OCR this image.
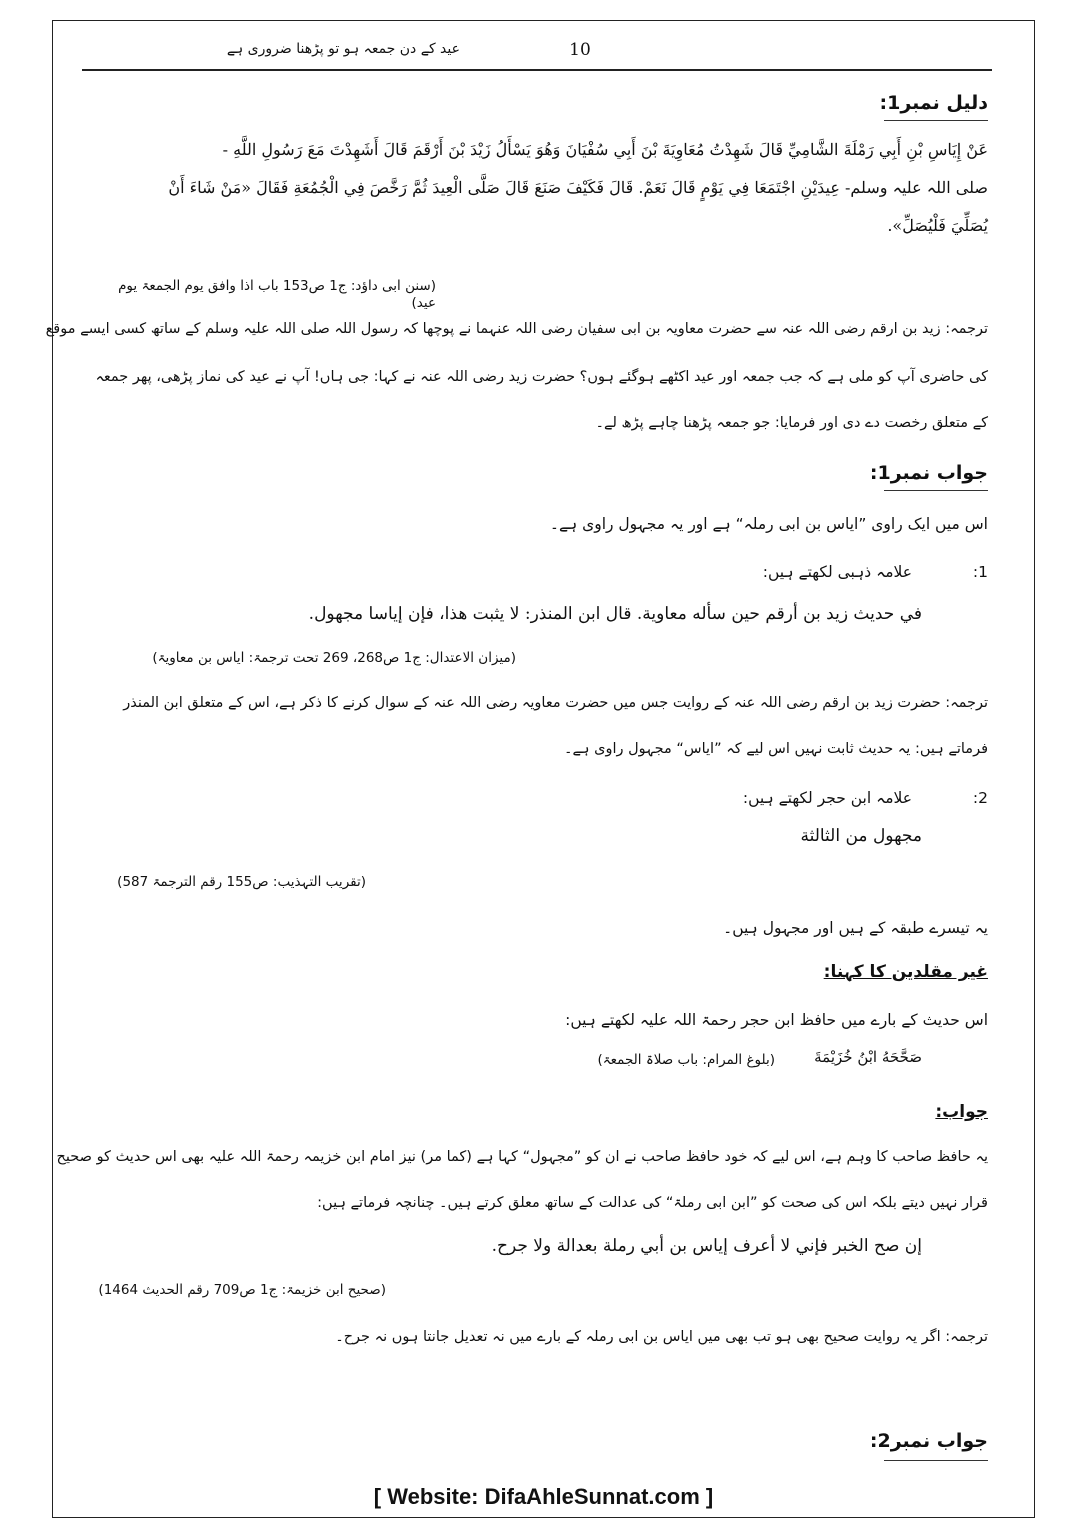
عید کے دن جمعہ ہو تو پڑھنا ضروری ہے	10
دلیل نمبر1:
عَنْ إِيَاسِ بْنِ أَبِي رَمْلَةَ الشَّامِيِّ قَالَ شَهِدْتُ مُعَاوِيَةَ بْنَ أَبِي سُفْيَانَ وَهُوَ يَسْأَلُ زَيْدَ بْنَ أَرْقَمَ قَالَ أَشَهِدْتَ مَعَ رَسُولِ اللَّهِ -
صلی اللہ علیہ وسلم- عِيدَيْنِ اجْتَمَعَا فِي يَوْمٍ قَالَ نَعَمْ. قَالَ فَكَيْفَ صَنَعَ قَالَ صَلَّى الْعِيدَ ثُمَّ رَخَّصَ فِي الْجُمُعَةِ فَقَالَ «مَنْ شَاءَ أَنْ
يُصَلِّيَ فَلْيُصَلِّ».
(سنن ابی داؤد: ج1 ص153 باب اذا وافق یوم الجمعۃ یوم عید)
ترجمہ: زید بن ارقم رضی اللہ عنہ سے حضرت معاویہ بن ابی سفیان رضی اللہ عنہما نے پوچھا کہ رسول اللہ صلی اللہ علیہ وسلم کے ساتھ کسی ایسے موقع
کی حاضری آپ کو ملی ہے کہ جب جمعہ اور عید اکٹھے ہوگئے ہوں؟ حضرت زید رضی اللہ عنہ نے کہا: جی ہاں! آپ نے عید کی نماز پڑھی، پھر جمعہ
کے متعلق رخصت دے دی اور فرمایا: جو جمعہ پڑھنا چاہے پڑھ لے۔
جواب نمبر1:
اس میں ایک راوی ”ایاس بن ابی رملہ“ ہے اور یہ مجہول راوی ہے۔
1:
علامہ ذہبی لکھتے ہیں:
في حديث زيد بن أرقم حين سأله معاوية. قال ابن المنذر: لا يثبت هذا، فإن إياسا مجهول.
(میزان الاعتدال: ج1 ص268، 269 تحت ترجمۃ: ایاس بن معاویۃ)
ترجمہ: حضرت زید بن ارقم رضی اللہ عنہ کے روایت جس میں حضرت معاویہ رضی اللہ عنہ کے سوال کرنے کا ذکر ہے، اس کے متعلق ابن المنذر
فرماتے ہیں: یہ حدیث ثابت نہیں اس لیے کہ ”ایاس“ مجہول راوی ہے۔
2:
علامہ ابن حجر لکھتے ہیں:
مجهول من الثالثة
(تقریب التہذیب: ص155 رقم الترجمۃ 587)
یہ تیسرے طبقہ کے ہیں اور مجہول ہیں۔
غیر مقلدین کا کہنا:
اس حدیث کے بارے میں حافظ ابن حجر رحمۃ اللہ علیہ لکھتے ہیں:
صَحَّحَهُ ابْنُ خُزَيْمَةَ
(بلوغ المرام: باب صلاۃ الجمعۃ)
جواب:
یہ حافظ صاحب کا وہم ہے، اس لیے کہ خود حافظ صاحب نے ان کو ”مجہول“ کہا ہے (کما مر) نیز امام ابن خزیمہ رحمۃ اللہ علیہ بھی اس حدیث کو صحیح
قرار نہیں دیتے بلکہ اس کی صحت کو ”ابن ابی رملۃ“ کی عدالت کے ساتھ معلق کرتے ہیں۔ چنانچہ فرماتے ہیں:
إن صح الخبر فإني لا أعرف إياس بن أبي رملة بعدالة ولا جرح.
(صحیح ابن خزیمۃ: ج1 ص709 رقم الحدیث 1464)
ترجمہ: اگر یہ روایت صحیح بھی ہو تب بھی میں ایاس بن ابی رملہ کے بارے میں نہ تعدیل جانتا ہوں نہ جرح۔
جواب نمبر2:
[ Website: DifaAhleSunnat.com ]
